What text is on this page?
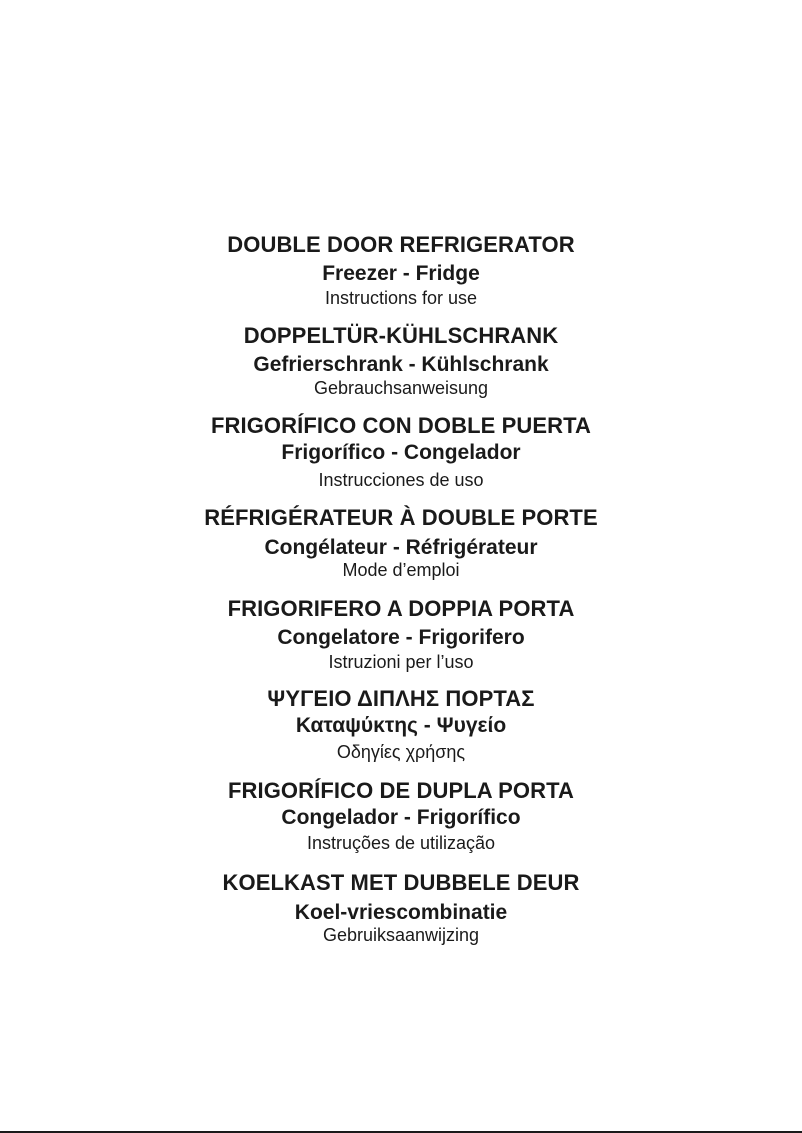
DOUBLE DOOR REFRIGERATOR
Freezer - Fridge
Instructions for use
DOPPELTÜR-KÜHLSCHRANK
Gefrierschrank - Kühlschrank
Gebrauchsanweisung
FRIGORÍFICO CON DOBLE PUERTA
Frigorífico - Congelador
Instrucciones de uso
RÉFRIGÉRATEUR À DOUBLE PORTE
Congélateur - Réfrigérateur
Mode d’emploi
FRIGORIFERO A DOPPIA PORTA
Congelatore - Frigorifero
Istruzioni per l’uso
ΨΥΓΕΙΟ ΔΙΠΛΗΣ ΠΟΡΤΑΣ
Καταψύκτης - Ψυγείο
Οδηγίες χρήσης
FRIGORÍFICO DE DUPLA PORTA
Congelador - Frigorífico
Instruções de utilização
KOELKAST MET DUBBELE DEUR
Koel-vriescombinatie
Gebruiksaanwijzing
